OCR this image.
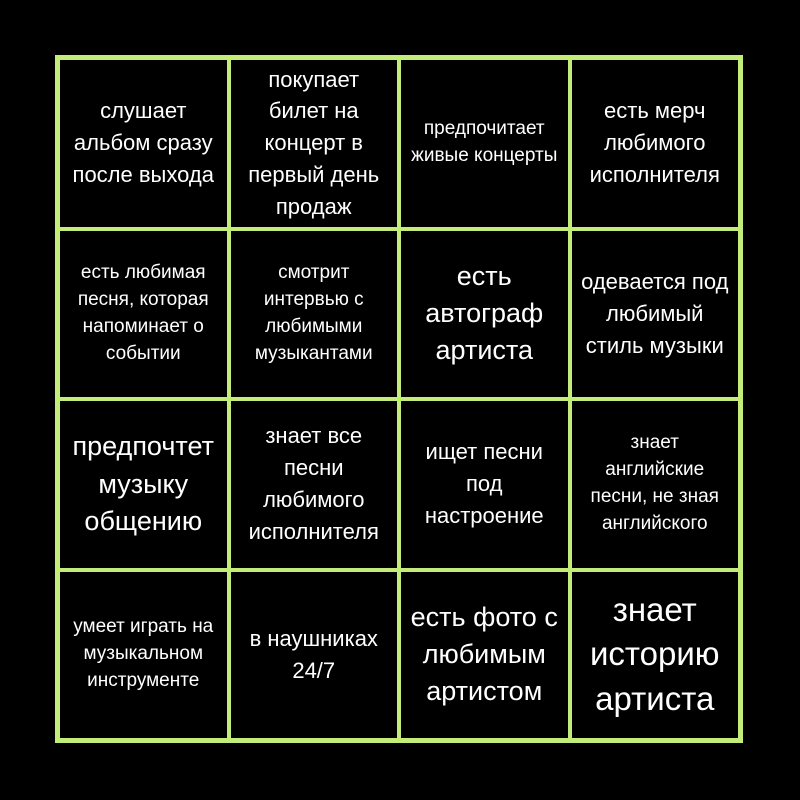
слушает альбом сразу после выхода
покупает билет на концерт в первый день продаж
предпочитает живые концерты
есть мерч любимого исполнителя
есть любимая песня, которая напоминает о событии
смотрит интервью с любимыми музыкантами
есть автограф артиста
одевается под любимый стиль музыки
предпочтет музыку общению
знает все песни любимого исполнителя
ищет песни под настроение
знает английские песни, не зная английского
умеет играть на музыкальном инструменте
в наушниках 24/7
есть фото с любимым артистом
знает историю артиста
